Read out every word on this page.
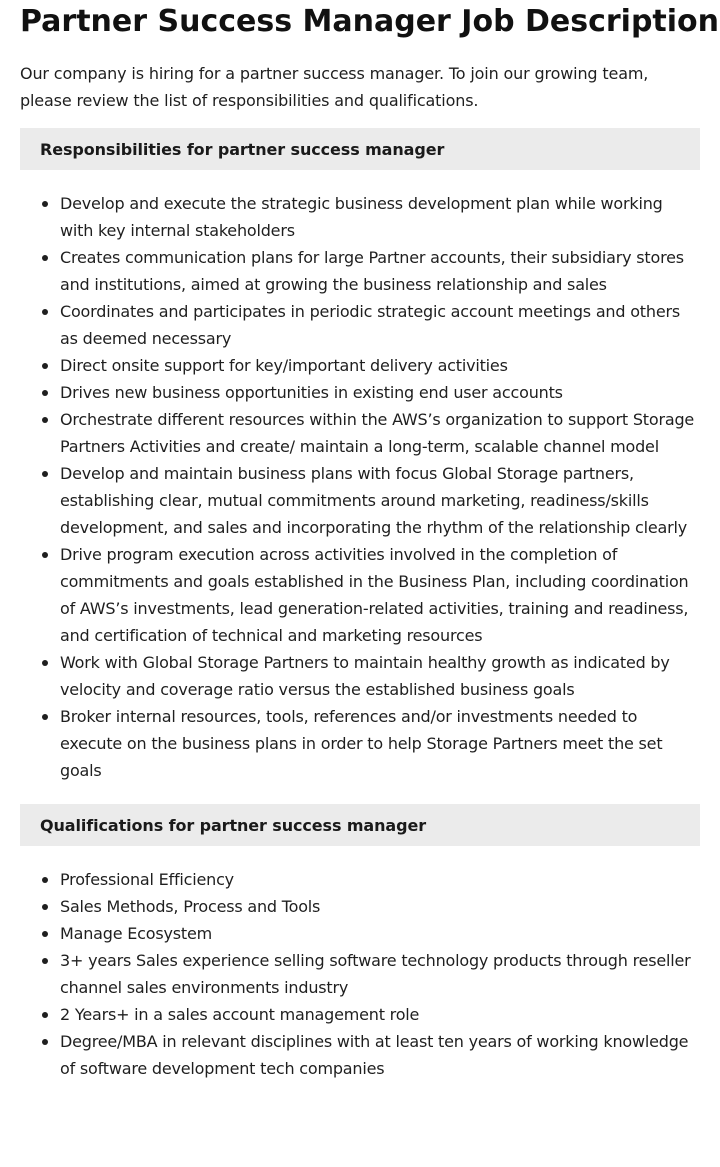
Partner Success Manager Job Description

Our company is hiring for a partner success manager. To join our growing team, please review the list of responsibilities and qualifications.

Responsibilities for partner success manager
Develop and execute the strategic business development plan while working with key internal stakeholders
Creates communication plans for large Partner accounts, their subsidiary stores and institutions, aimed at growing the business relationship and sales
Coordinates and participates in periodic strategic account meetings and others as deemed necessary
Direct onsite support for key/important delivery activities
Drives new business opportunities in existing end user accounts
Orchestrate different resources within the AWS’s organization to support Storage Partners Activities and create/ maintain a long-term, scalable channel model
Develop and maintain business plans with focus Global Storage partners, establishing clear, mutual commitments around marketing, readiness/skills development, and sales and incorporating the rhythm of the relationship clearly
Drive program execution across activities involved in the completion of commitments and goals established in the Business Plan, including coordination of AWS’s investments, lead generation-related activities, training and readiness, and certification of technical and marketing resources
Work with Global Storage Partners to maintain healthy growth as indicated by velocity and coverage ratio versus the established business goals
Broker internal resources, tools, references and/or investments needed to execute on the business plans in order to help Storage Partners meet the set goals
Qualifications for partner success manager
Professional Efficiency
Sales Methods, Process and Tools
Manage Ecosystem
3+ years Sales experience selling software technology products through reseller channel sales environments industry
2 Years+ in a sales account management role
Degree/MBA in relevant disciplines with at least ten years of working knowledge of software development tech companies
